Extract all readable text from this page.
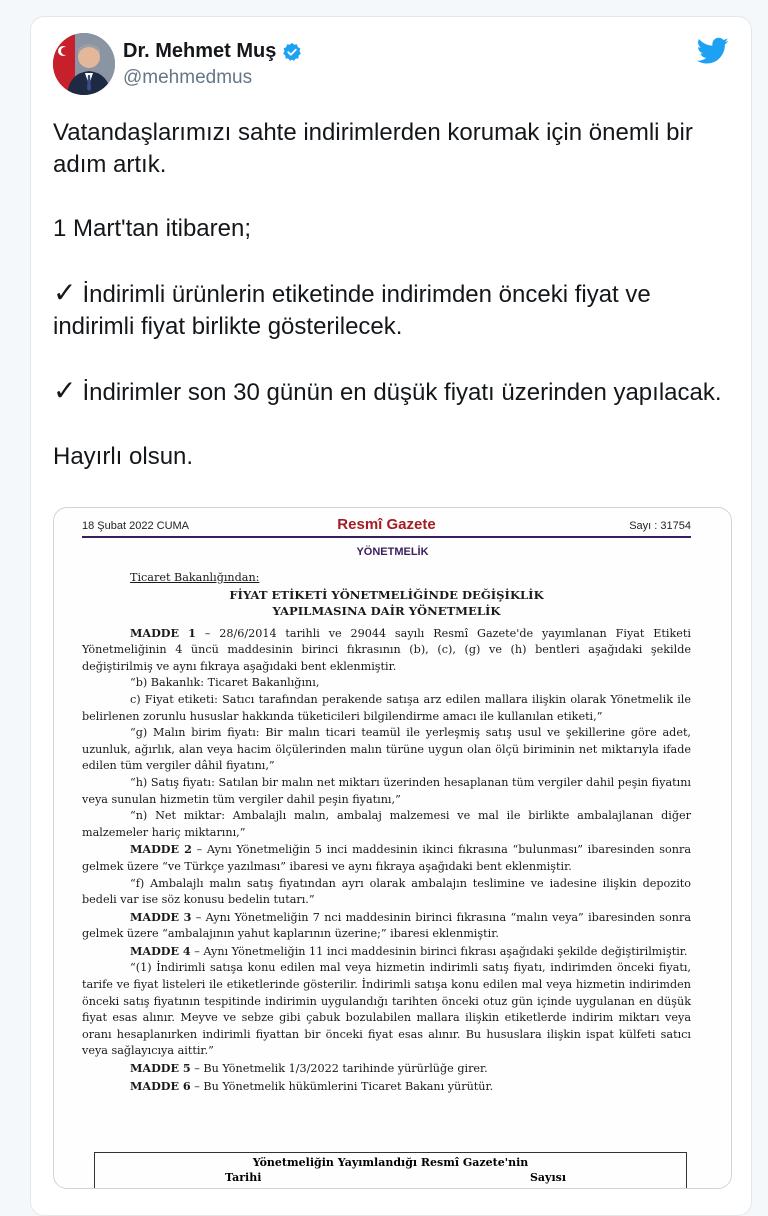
Dr. Mehmet Muş
@mehmedmus

Vatandaşlarımızı sahte indirimlerden korumak için önemli bir adım artık.

1 Mart'tan itibaren;

✓ İndirimli ürünlerin etiketinde indirimden önceki fiyat ve indirimli fiyat birlikte gösterilecek.

✓ İndirimler son 30 günün en düşük fiyatı üzerinden yapılacak.

Hayırlı olsun.

18 Şubat 2022 CUMA	Resmî Gazete	Sayı : 31754
YÖNETMELİK

Ticaret Bakanlığından:

FİYAT ETİKETİ YÖNETMELİĞİNDE DEĞİŞİKLİK

YAPILMASINA DAİR YÖNETMELİK

MADDE 1 – 28/6/2014 tarihli ve 29044 sayılı Resmî Gazete'de yayımlanan Fiyat Etiketi Yönetmeliğinin 4 üncü maddesinin birinci fıkrasının (b), (c), (g) ve (h) bentleri aşağıdaki şekilde değiştirilmiş ve aynı fıkraya aşağıdaki bent eklenmiştir.

“b) Bakanlık: Ticaret Bakanlığını,

c) Fiyat etiketi: Satıcı tarafından perakende satışa arz edilen mallara ilişkin olarak Yönetmelik ile belirlenen zorunlu hususlar hakkında tüketicileri bilgilendirme amacı ile kullanılan etiketi,”

“g) Malın birim fiyatı: Bir malın ticari teamül ile yerleşmiş satış usul ve şekillerine göre adet, uzunluk, ağırlık, alan veya hacim ölçülerinden malın türüne uygun olan ölçü biriminin net miktarıyla ifade edilen tüm vergiler dâhil fiyatını,”

“h) Satış fiyatı: Satılan bir malın net miktarı üzerinden hesaplanan tüm vergiler dahil peşin fiyatını veya sunulan hizmetin tüm vergiler dahil peşin fiyatını,”

“n) Net miktar: Ambalajlı malın, ambalaj malzemesi ve mal ile birlikte ambalajlanan diğer malzemeler hariç miktarını,”

MADDE 2 – Aynı Yönetmeliğin 5 inci maddesinin ikinci fıkrasına “bulunması” ibaresinden sonra gelmek üzere “ve Türkçe yazılması” ibaresi ve aynı fıkraya aşağıdaki bent eklenmiştir.

“f) Ambalajlı malın satış fiyatından ayrı olarak ambalajın teslimine ve iadesine ilişkin depozito bedeli var ise söz konusu bedelin tutarı.”

MADDE 3 – Aynı Yönetmeliğin 7 nci maddesinin birinci fıkrasına “malın veya” ibaresinden sonra gelmek üzere “ambalajının yahut kaplarının üzerine;” ibaresi eklenmiştir.

MADDE 4 – Aynı Yönetmeliğin 11 inci maddesinin birinci fıkrası aşağıdaki şekilde değiştirilmiştir.

“(1) İndirimli satışa konu edilen mal veya hizmetin indirimli satış fiyatı, indirimden önceki fiyatı, tarife ve fiyat listeleri ile etiketlerinde gösterilir. İndirimli satışa konu edilen mal veya hizmetin indirimden önceki satış fiyatının tespitinde indirimin uygulandığı tarihten önceki otuz gün içinde uygulanan en düşük fiyat esas alınır. Meyve ve sebze gibi çabuk bozulabilen mallara ilişkin etiketlerde indirim miktarı veya oranı hesaplanırken indirimli fiyattan bir önceki fiyat esas alınır. Bu hususlara ilişkin ispat külfeti satıcı veya sağlayıcıya aittir.”

MADDE 5 – Bu Yönetmelik 1/3/2022 tarihinde yürürlüğe girer.

MADDE 6 – Bu Yönetmelik hükümlerini Ticaret Bakanı yürütür.

Yönetmeliğin Yayımlandığı Resmî Gazete'nin
Tarihi	Sayısı
